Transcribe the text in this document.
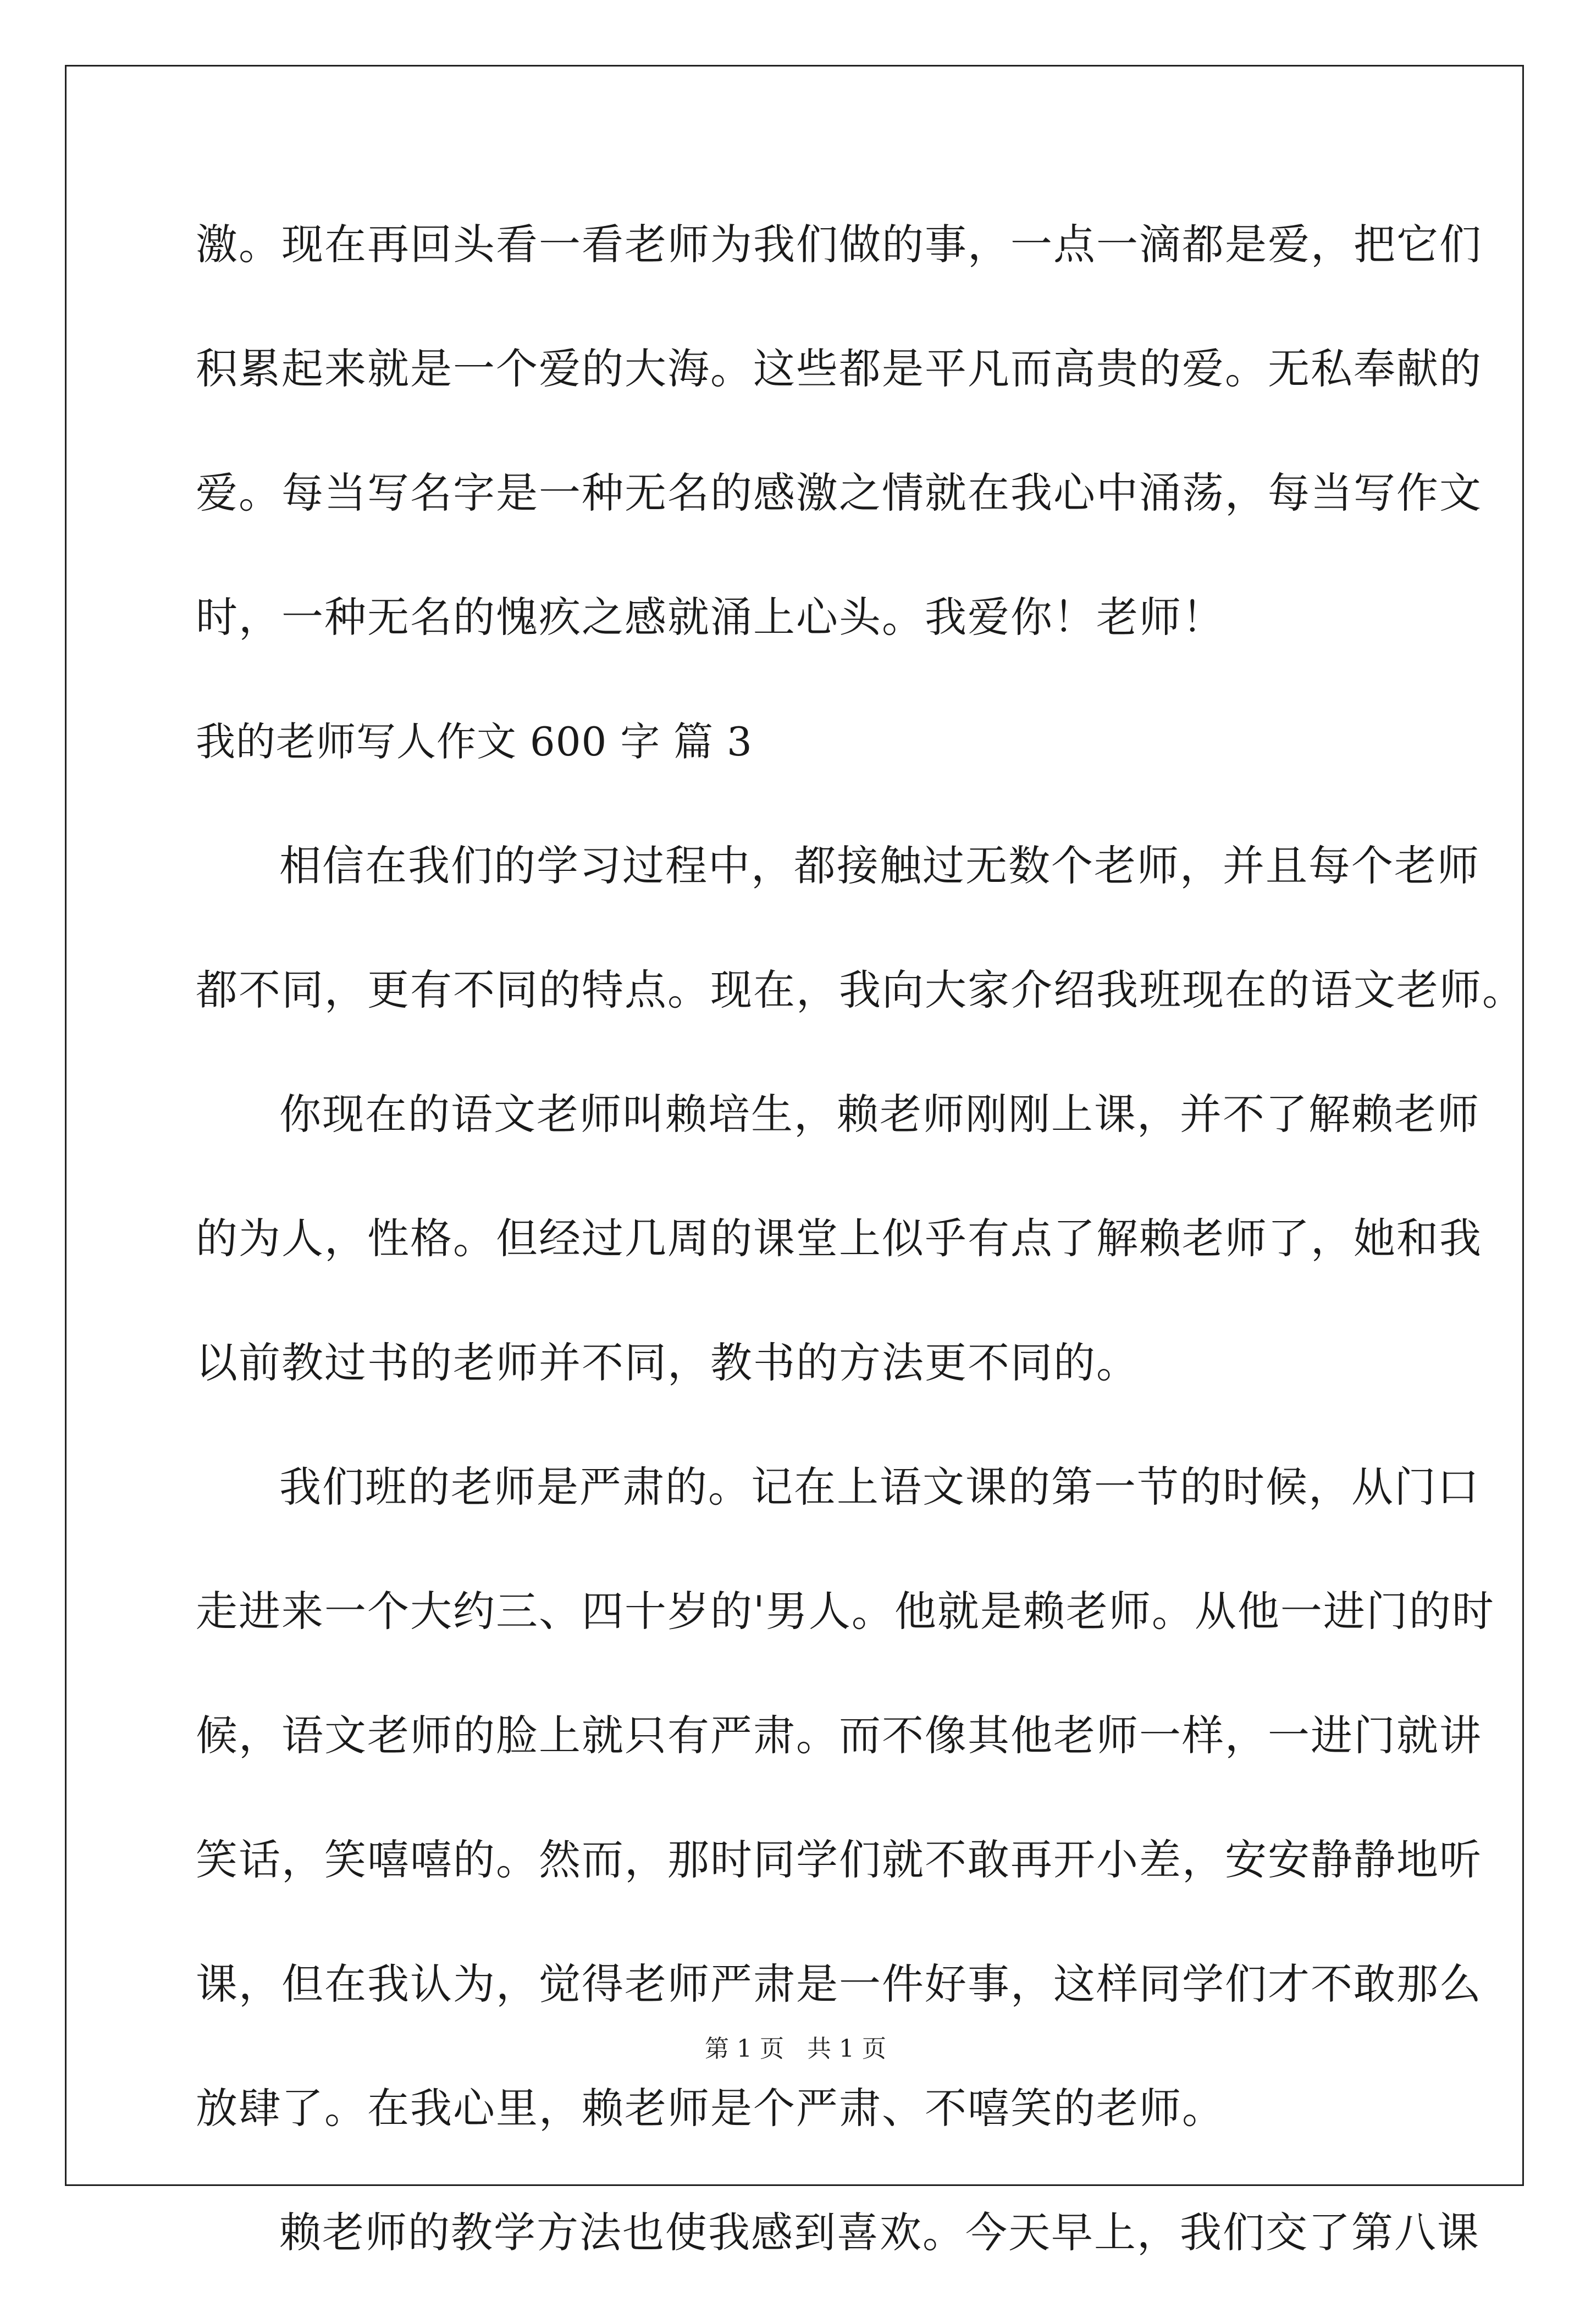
激。现在再回头看一看老师为我们做的事，一点一滴都是爱，把它们
积累起来就是一个爱的大海。这些都是平凡而高贵的爱。无私奉献的
爱。每当写名字是一种无名的感激之情就在我心中涌荡，每当写作文
时，一种无名的愧疚之感就涌上心头。我爱你！老师！
我的老师写人作文 600 字 篇 3
相信在我们的学习过程中，都接触过无数个老师，并且每个老师
都不同，更有不同的特点。现在，我向大家介绍我班现在的语文老师。
你现在的语文老师叫赖培生，赖老师刚刚上课，并不了解赖老师
的为人，性格。但经过几周的课堂上似乎有点了解赖老师了，她和我
以前教过书的老师并不同，教书的方法更不同的。
我们班的老师是严肃的。记在上语文课的第一节的时候，从门口
走进来一个大约三、四十岁的'男人。他就是赖老师。从他一进门的时
候，语文老师的脸上就只有严肃。而不像其他老师一样，一进门就讲
笑话，笑嘻嘻的。然而，那时同学们就不敢再开小差，安安静静地听
课，但在我认为，觉得老师严肃是一件好事，这样同学们才不敢那么
放肆了。在我心里，赖老师是个严肃、不嘻笑的老师。
赖老师的教学方法也使我感到喜欢。今天早上，我们交了第八课
第 1 页 共 1 页
